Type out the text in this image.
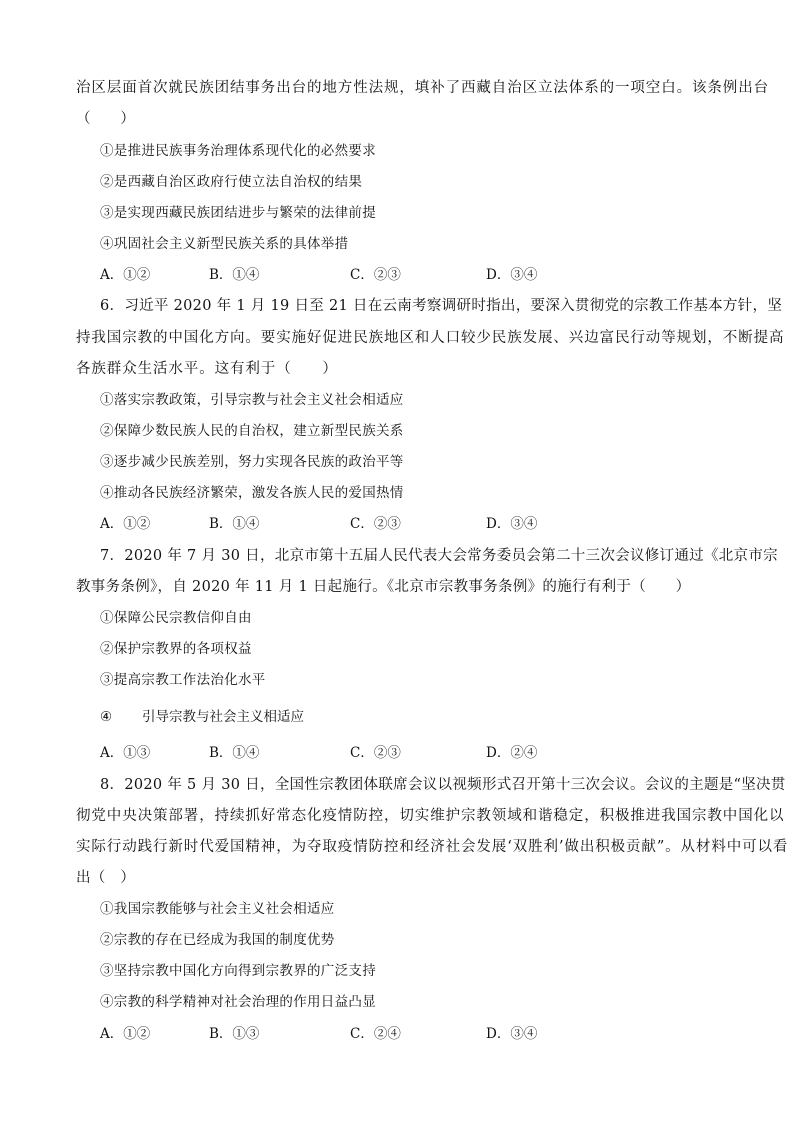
治区层面首次就民族团结事务出台的地方性法规，填补了西藏自治区立法体系的一项空白。该条例出台
（　　）
①是推进民族事务治理体系现代化的必然要求
②是西藏自治区政府行使立法自治权的结果
③是实现西藏民族团结进步与繁荣的法律前提
④巩固社会主义新型民族关系的具体举措
A．①②	B．①④	C．②③	D．③④
6．习近平 2020 年 1 月 19 日至 21 日在云南考察调研时指出，要深入贯彻党的宗教工作基本方针，坚
持我国宗教的中国化方向。要实施好促进民族地区和人口较少民族发展、兴边富民行动等规划，不断提高
各族群众生活水平。这有利于（　　）
①落实宗教政策，引导宗教与社会主义社会相适应
②保障少数民族人民的自治权，建立新型民族关系
③逐步减少民族差别，努力实现各民族的政治平等
④推动各民族经济繁荣，激发各族人民的爱国热情
A．①②	B．①④	C．②③	D．③④
7．2020 年 7 月 30 日，北京市第十五届人民代表大会常务委员会第二十三次会议修订通过《北京市宗
教事务条例》，自 2020 年 11 月 1 日起施行。《北京市宗教事务条例》的施行有利于（　　）
①保障公民宗教信仰自由
②保护宗教界的各项权益
③提高宗教工作法治化水平
④ 引导宗教与社会主义相适应
A．①③	B．①④	C．②③	D．②④
8．2020 年 5 月 30 日，全国性宗教团体联席会议以视频形式召开第十三次会议。会议的主题是“坚决贯
彻党中央决策部署，持续抓好常态化疫情防控，切实维护宗教领域和谐稳定，积极推进我国宗教中国化以
实际行动践行新时代爱国精神，为夺取疫情防控和经济社会发展‘双胜利’做出积极贡献”。从材料中可以看
出（　）
①我国宗教能够与社会主义社会相适应
②宗教的存在已经成为我国的制度优势
③坚持宗教中国化方向得到宗教界的广泛支持
④宗教的科学精神对社会治理的作用日益凸显
A．①②	B．①③	C．②④	D．③④
